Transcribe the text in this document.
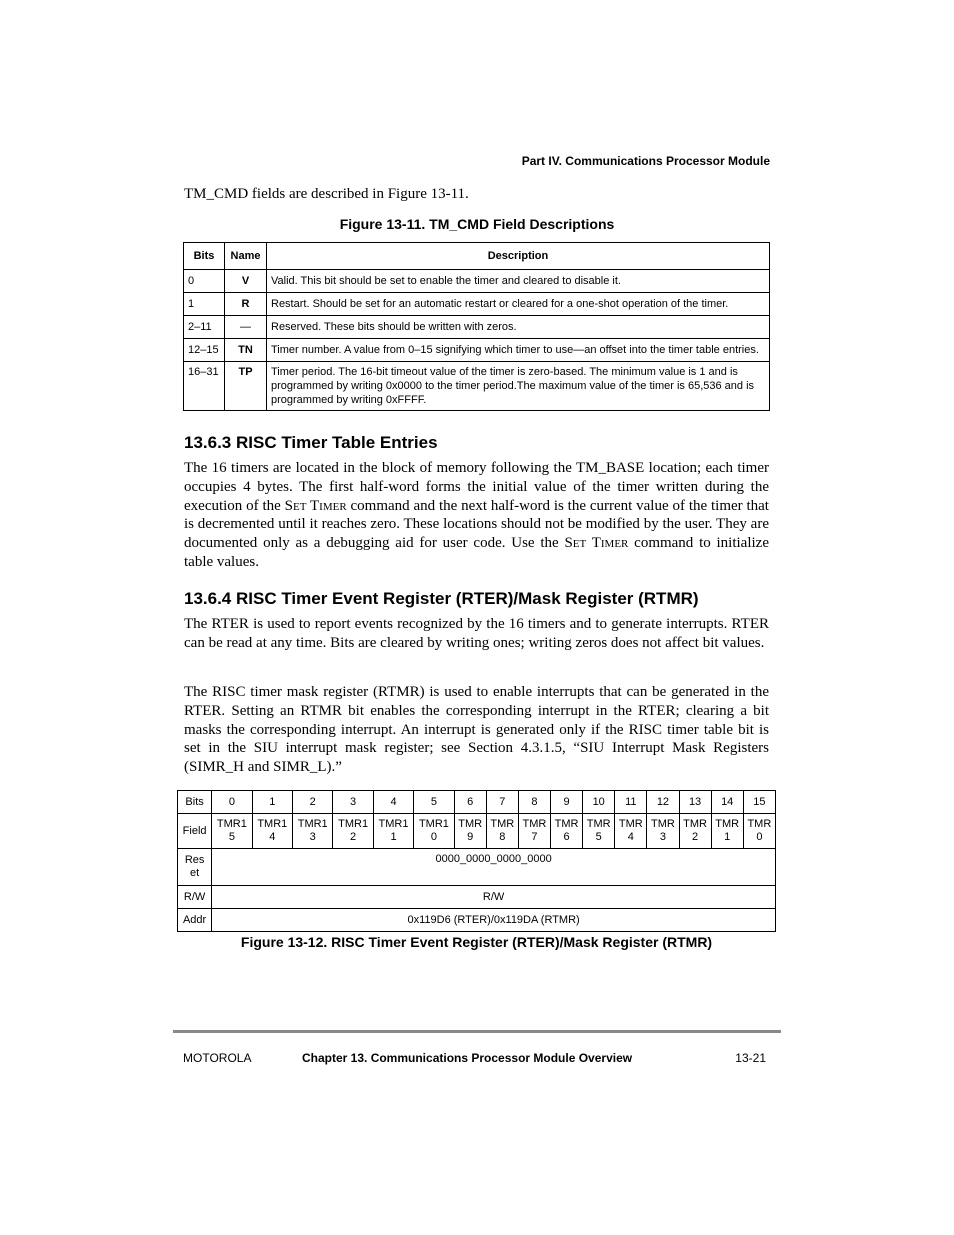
Part IV. Communications Processor Module
TM_CMD fields are described in Figure 13-11.
Figure 13-11. TM_CMD Field Descriptions
Bits	Name	Description
0	V	Valid. This bit should be set to enable the timer and cleared to disable it.
1	R	Restart. Should be set for an automatic restart or cleared for a one-shot operation of the timer.
2–11	—	Reserved. These bits should be written with zeros.
12–15	TN	Timer number. A value from 0–15 signifying which timer to use—an offset into the timer table entries.
16–31	TP	Timer period. The 16-bit timeout value of the timer is zero-based. The minimum value is 1 and is programmed by writing 0x0000 to the timer period.The maximum value of the timer is 65,536 and is programmed by writing 0xFFFF.
13.6.3 RISC Timer Table Entries

The 16 timers are located in the block of memory following the TM_BASE location; each timer occupies 4 bytes. The first half-word forms the initial value of the timer written during the execution of the Set Timer command and the next half-word is the current value of the timer that is decremented until it reaches zero. These locations should not be modified by the user. They are documented only as a debugging aid for user code. Use the Set Timer command to initialize table values.

13.6.4 RISC Timer Event Register (RTER)/Mask Register (RTMR)

The RTER is used to report events recognized by the 16 timers and to generate interrupts. RTER can be read at any time. Bits are cleared by writing ones; writing zeros does not affect bit values.

The RISC timer mask register (RTMR) is used to enable interrupts that can be generated in the RTER. Setting an RTMR bit enables the corresponding interrupt in the RTER; clearing a bit masks the corresponding interrupt. An interrupt is generated only if the RISC timer table bit is set in the SIU interrupt mask register; see Section 4.3.1.5, “SIU Interrupt Mask Registers (SIMR_H and SIMR_L).”

Bits	0	1	2	3	4	5	6	7	8	9	10	11	12	13	14	15
Field	TMR1 5	TMR1 4	TMR1 3	TMR1 2	TMR1 1	TMR1 0	TMR 9	TMR 8	TMR 7	TMR 6	TMR 5	TMR 4	TMR 3	TMR 2	TMR 1	TMR 0
Res et	0000_0000_0000_0000															
R/W	R/W															
Addr	0x119D6 (RTER)/0x119DA (RTMR)															
Figure 13-12. RISC Timer Event Register (RTER)/Mask Register (RTMR)
MOTOROLA	Chapter 13. Communications Processor Module Overview	13-21
